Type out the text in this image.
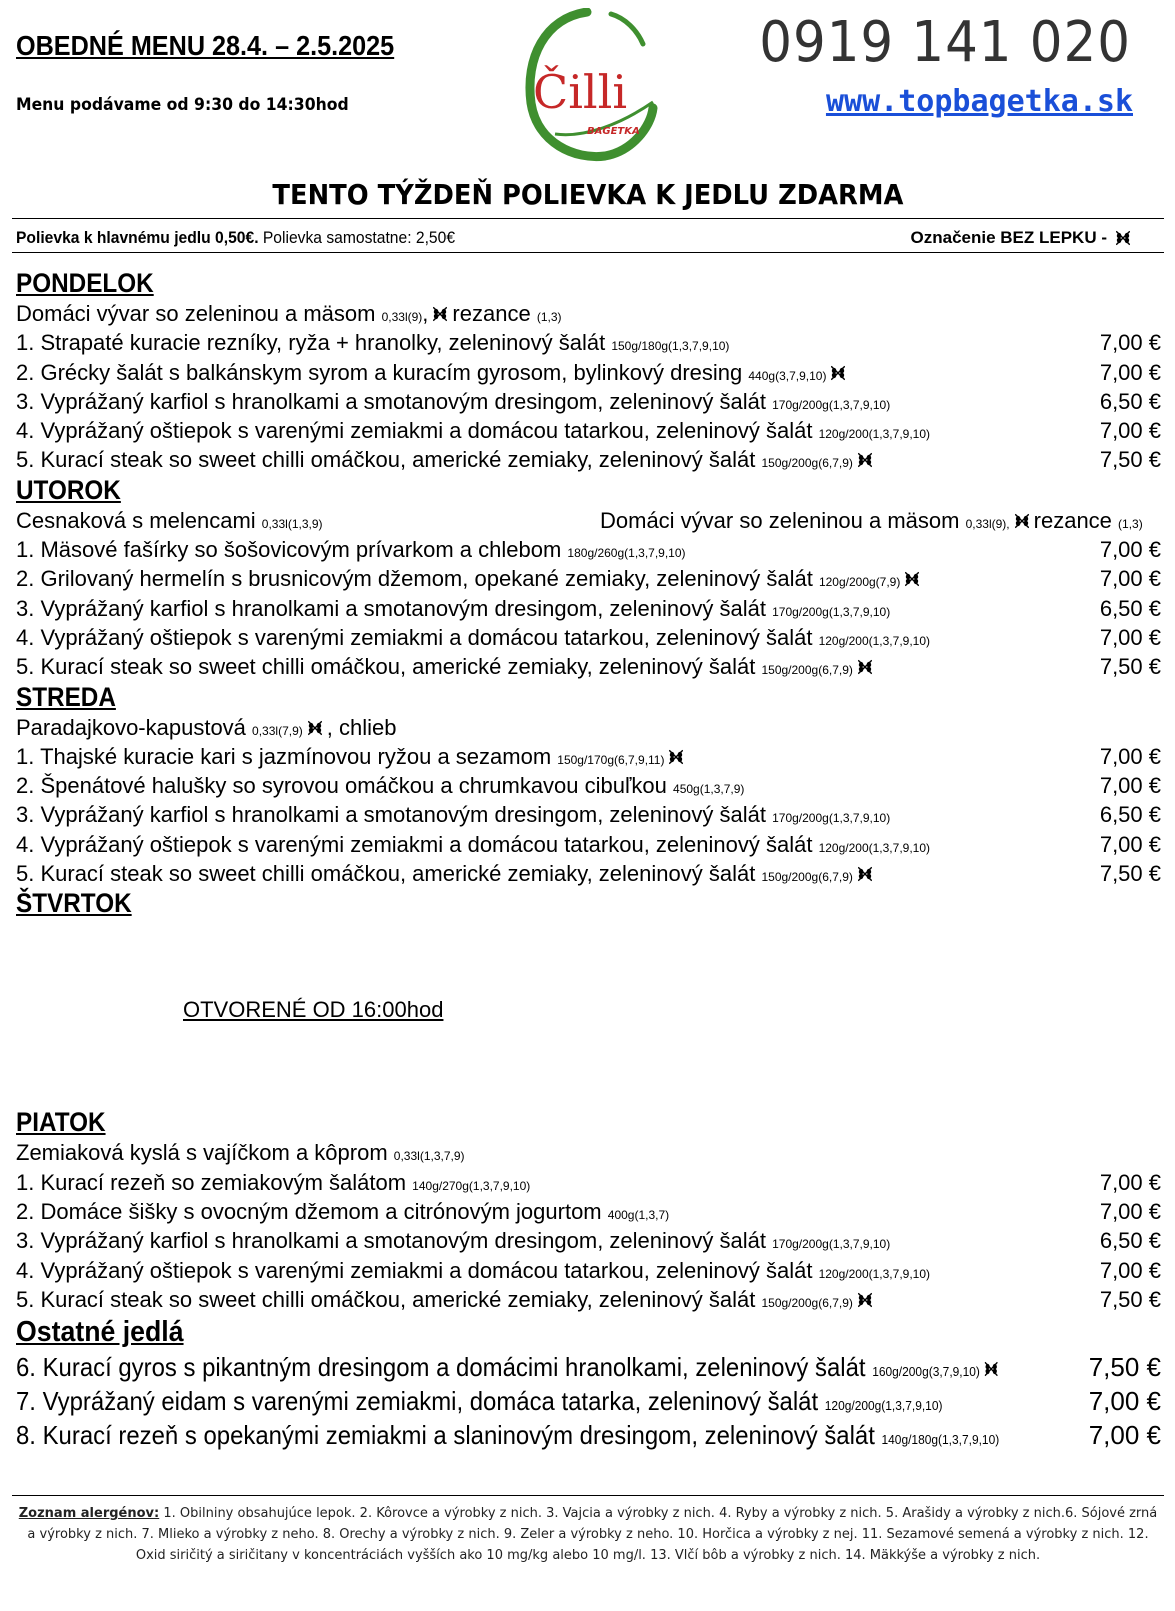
OBEDNÉ MENU 28.4. – 2.5.2025
Menu podávame od 9:30 do 14:30hod	Čilli
BAGETKA
0919 141 020
www.topbagetka.sk
TENTO TÝŽDEŇ POLIEVKA K JEDLU ZDARMA
Polievka k hlavnému jedlu 0,50€. Polievka samostatne: 2,50€	Označenie BEZ LEPKU -
PONDELOK
Domáci vývar so zeleninou a mäsom 0,33l(9), rezance (1,3)
1. Strapaté kuracie rezníky, ryža + hranolky, zeleninový šalát 150g/180g(1,3,7,9,10)	7,00 €
2. Grécky šalát s balkánskym syrom a kuracím gyrosom, bylinkový dresing 440g(3,7,9,10)	7,00 €
3. Vyprážaný karfiol s hranolkami a smotanovým dresingom, zeleninový šalát 170g/200g(1,3,7,9,10)	6,50 €
4. Vyprážaný oštiepok s varenými zemiakmi a domácou tatarkou, zeleninový šalát 120g/200(1,3,7,9,10)	7,00 €
5. Kurací steak so sweet chilli omáčkou, americké zemiaky, zeleninový šalát 150g/200g(6,7,9)	7,50 €
UTOROK
Cesnaková s melencami 0,33l(1,3,9)	Domáci vývar so zeleninou a mäsom 0,33l(9), rezance (1,3)
1. Mäsové fašírky so šošovicovým prívarkom a chlebom 180g/260g(1,3,7,9,10)	7,00 €
2. Grilovaný hermelín s brusnicovým džemom, opekané zemiaky, zeleninový šalát 120g/200g(7,9)	7,00 €
3. Vyprážaný karfiol s hranolkami a smotanovým dresingom, zeleninový šalát 170g/200g(1,3,7,9,10)	6,50 €
4. Vyprážaný oštiepok s varenými zemiakmi a domácou tatarkou, zeleninový šalát 120g/200(1,3,7,9,10)	7,00 €
5. Kurací steak so sweet chilli omáčkou, americké zemiaky, zeleninový šalát 150g/200g(6,7,9)	7,50 €
STREDA
Paradajkovo-kapustová 0,33l(7,9) , chlieb
1. Thajské kuracie kari s jazmínovou ryžou a sezamom 150g/170g(6,7,9,11)	7,00 €
2. Špenátové halušky so syrovou omáčkou a chrumkavou cibuľkou 450g(1,3,7,9)	7,00 €
3. Vyprážaný karfiol s hranolkami a smotanovým dresingom, zeleninový šalát 170g/200g(1,3,7,9,10)	6,50 €
4. Vyprážaný oštiepok s varenými zemiakmi a domácou tatarkou, zeleninový šalát 120g/200(1,3,7,9,10)	7,00 €
5. Kurací steak so sweet chilli omáčkou, americké zemiaky, zeleninový šalát 150g/200g(6,7,9)	7,50 €
ŠTVRTOK
OTVORENÉ OD 16:00hod
PIATOK
Zemiaková kyslá s vajíčkom a kôprom 0,33l(1,3,7,9)
1. Kurací rezeň so zemiakovým šalátom 140g/270g(1,3,7,9,10)	7,00 €
2. Domáce šišky s ovocným džemom a citrónovým jogurtom 400g(1,3,7)	7,00 €
3. Vyprážaný karfiol s hranolkami a smotanovým dresingom, zeleninový šalát 170g/200g(1,3,7,9,10)	6,50 €
4. Vyprážaný oštiepok s varenými zemiakmi a domácou tatarkou, zeleninový šalát 120g/200(1,3,7,9,10)	7,00 €
5. Kurací steak so sweet chilli omáčkou, americké zemiaky, zeleninový šalát 150g/200g(6,7,9)	7,50 €
Ostatné jedlá
6. Kurací gyros s pikantným dresingom a domácimi hranolkami, zeleninový šalát 160g/200g(3,7,9,10)	7,50 €
7. Vyprážaný eidam s varenými zemiakmi, domáca tatarka, zeleninový šalát 120g/200g(1,3,7,9,10)	7,00 €
8. Kurací rezeň s opekanými zemiakmi a slaninovým dresingom, zeleninový šalát 140g/180g(1,3,7,9,10)	7,00 €
Zoznam alergénov: 1. Obilniny obsahujúce lepok. 2. Kôrovce a výrobky z nich. 3. Vajcia a výrobky z nich. 4. Ryby a výrobky z nich. 5. Arašidy a výrobky z nich.6. Sójové zrná a výrobky z nich. 7. Mlieko a výrobky z neho. 8. Orechy a výrobky z nich. 9. Zeler a výrobky z neho. 10. Horčica a výrobky z nej. 11. Sezamové semená a výrobky z nich. 12. Oxid siričitý a siričitany v koncentráciách vyšších ako 10 mg/kg alebo 10 mg/l. 13. Vlčí bôb a výrobky z nich. 14. Mäkkýše a výrobky z nich.
